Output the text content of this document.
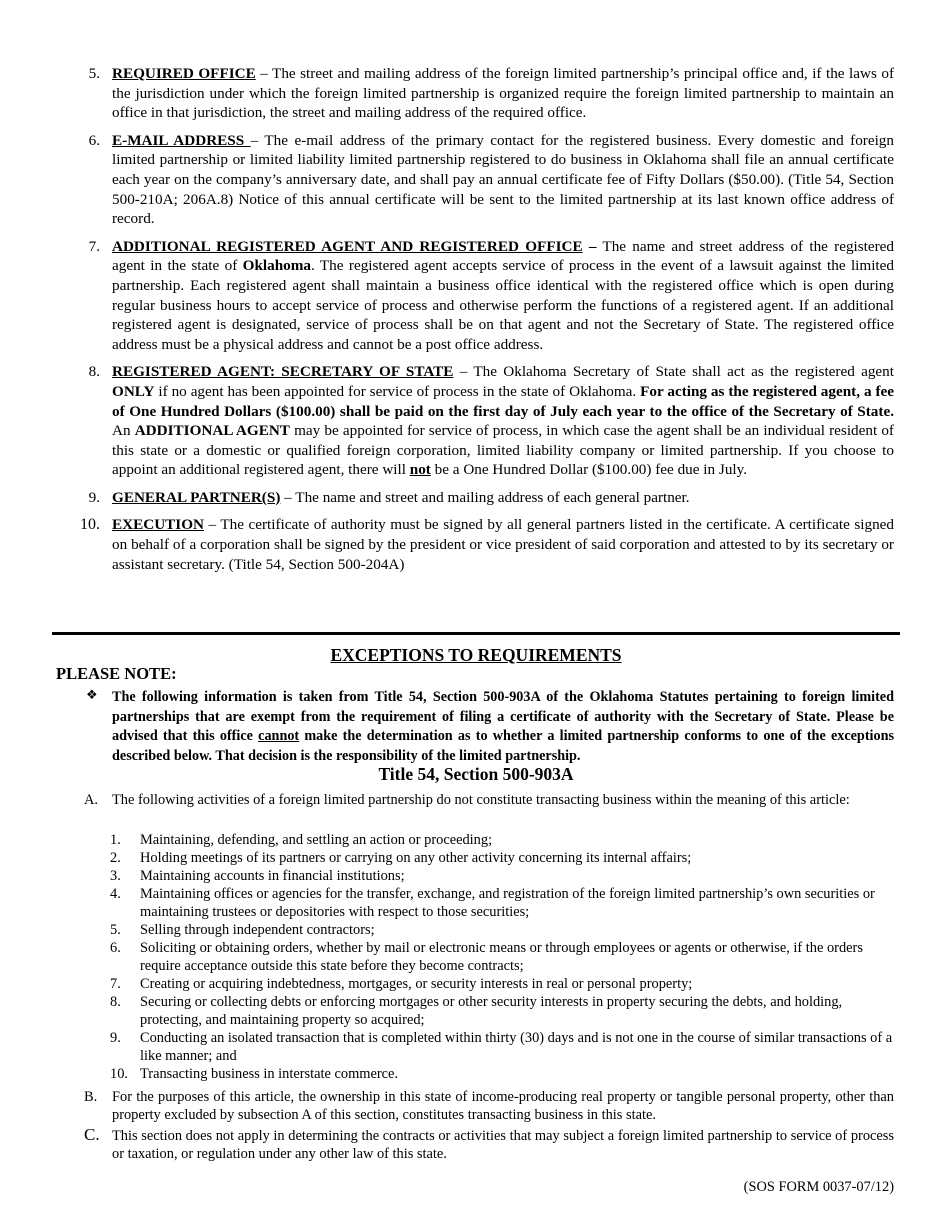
5. REQUIRED OFFICE – The street and mailing address of the foreign limited partnership’s principal office and, if the laws of the jurisdiction under which the foreign limited partnership is organized require the foreign limited partnership to maintain an office in that jurisdiction, the street and mailing address of the required office.
6. E-MAIL ADDRESS – The e-mail address of the primary contact for the registered business. Every domestic and foreign limited partnership or limited liability limited partnership registered to do business in Oklahoma shall file an annual certificate each year on the company’s anniversary date, and shall pay an annual certificate fee of Fifty Dollars ($50.00). (Title 54, Section 500-210A; 206A.8) Notice of this annual certificate will be sent to the limited partnership at its last known office address of record.
7. ADDITIONAL REGISTERED AGENT AND REGISTERED OFFICE – The name and street address of the registered agent in the state of Oklahoma. The registered agent accepts service of process in the event of a lawsuit against the limited partnership. Each registered agent shall maintain a business office identical with the registered office which is open during regular business hours to accept service of process and otherwise perform the functions of a registered agent. If an additional registered agent is designated, service of process shall be on that agent and not the Secretary of State. The registered office address must be a physical address and cannot be a post office address.
8. REGISTERED AGENT: SECRETARY OF STATE – The Oklahoma Secretary of State shall act as the registered agent ONLY if no agent has been appointed for service of process in the state of Oklahoma. For acting as the registered agent, a fee of One Hundred Dollars ($100.00) shall be paid on the first day of July each year to the office of the Secretary of State. An ADDITIONAL AGENT may be appointed for service of process, in which case the agent shall be an individual resident of this state or a domestic or qualified foreign corporation, limited liability company or limited partnership. If you choose to appoint an additional registered agent, there will not be a One Hundred Dollar ($100.00) fee due in July.
9. GENERAL PARTNER(S) – The name and street and mailing address of each general partner.
10. EXECUTION – The certificate of authority must be signed by all general partners listed in the certificate. A certificate signed on behalf of a corporation shall be signed by the president or vice president of said corporation and attested to by its secretary or assistant secretary. (Title 54, Section 500-204A)
EXCEPTIONS TO REQUIREMENTS
PLEASE NOTE:
❖ The following information is taken from Title 54, Section 500-903A of the Oklahoma Statutes pertaining to foreign limited partnerships that are exempt from the requirement of filing a certificate of authority with the Secretary of State. Please be advised that this office cannot make the determination as to whether a limited partnership conforms to one of the exceptions described below. That decision is the responsibility of the limited partnership.
Title 54, Section 500-903A
A. The following activities of a foreign limited partnership do not constitute transacting business within the meaning of this article:
1. Maintaining, defending, and settling an action or proceeding;
2. Holding meetings of its partners or carrying on any other activity concerning its internal affairs;
3. Maintaining accounts in financial institutions;
4. Maintaining offices or agencies for the transfer, exchange, and registration of the foreign limited partnership’s own securities or maintaining trustees or depositories with respect to those securities;
5. Selling through independent contractors;
6. Soliciting or obtaining orders, whether by mail or electronic means or through employees or agents or otherwise, if the orders require acceptance outside this state before they become contracts;
7. Creating or acquiring indebtedness, mortgages, or security interests in real or personal property;
8. Securing or collecting debts or enforcing mortgages or other security interests in property securing the debts, and holding, protecting, and maintaining property so acquired;
9. Conducting an isolated transaction that is completed within thirty (30) days and is not one in the course of similar transactions of a like manner; and
10. Transacting business in interstate commerce.
B. For the purposes of this article, the ownership in this state of income-producing real property or tangible personal property, other than property excluded by subsection A of this section, constitutes transacting business in this state.
C. This section does not apply in determining the contracts or activities that may subject a foreign limited partnership to service of process or taxation, or regulation under any other law of this state.
(SOS FORM 0037-07/12)
